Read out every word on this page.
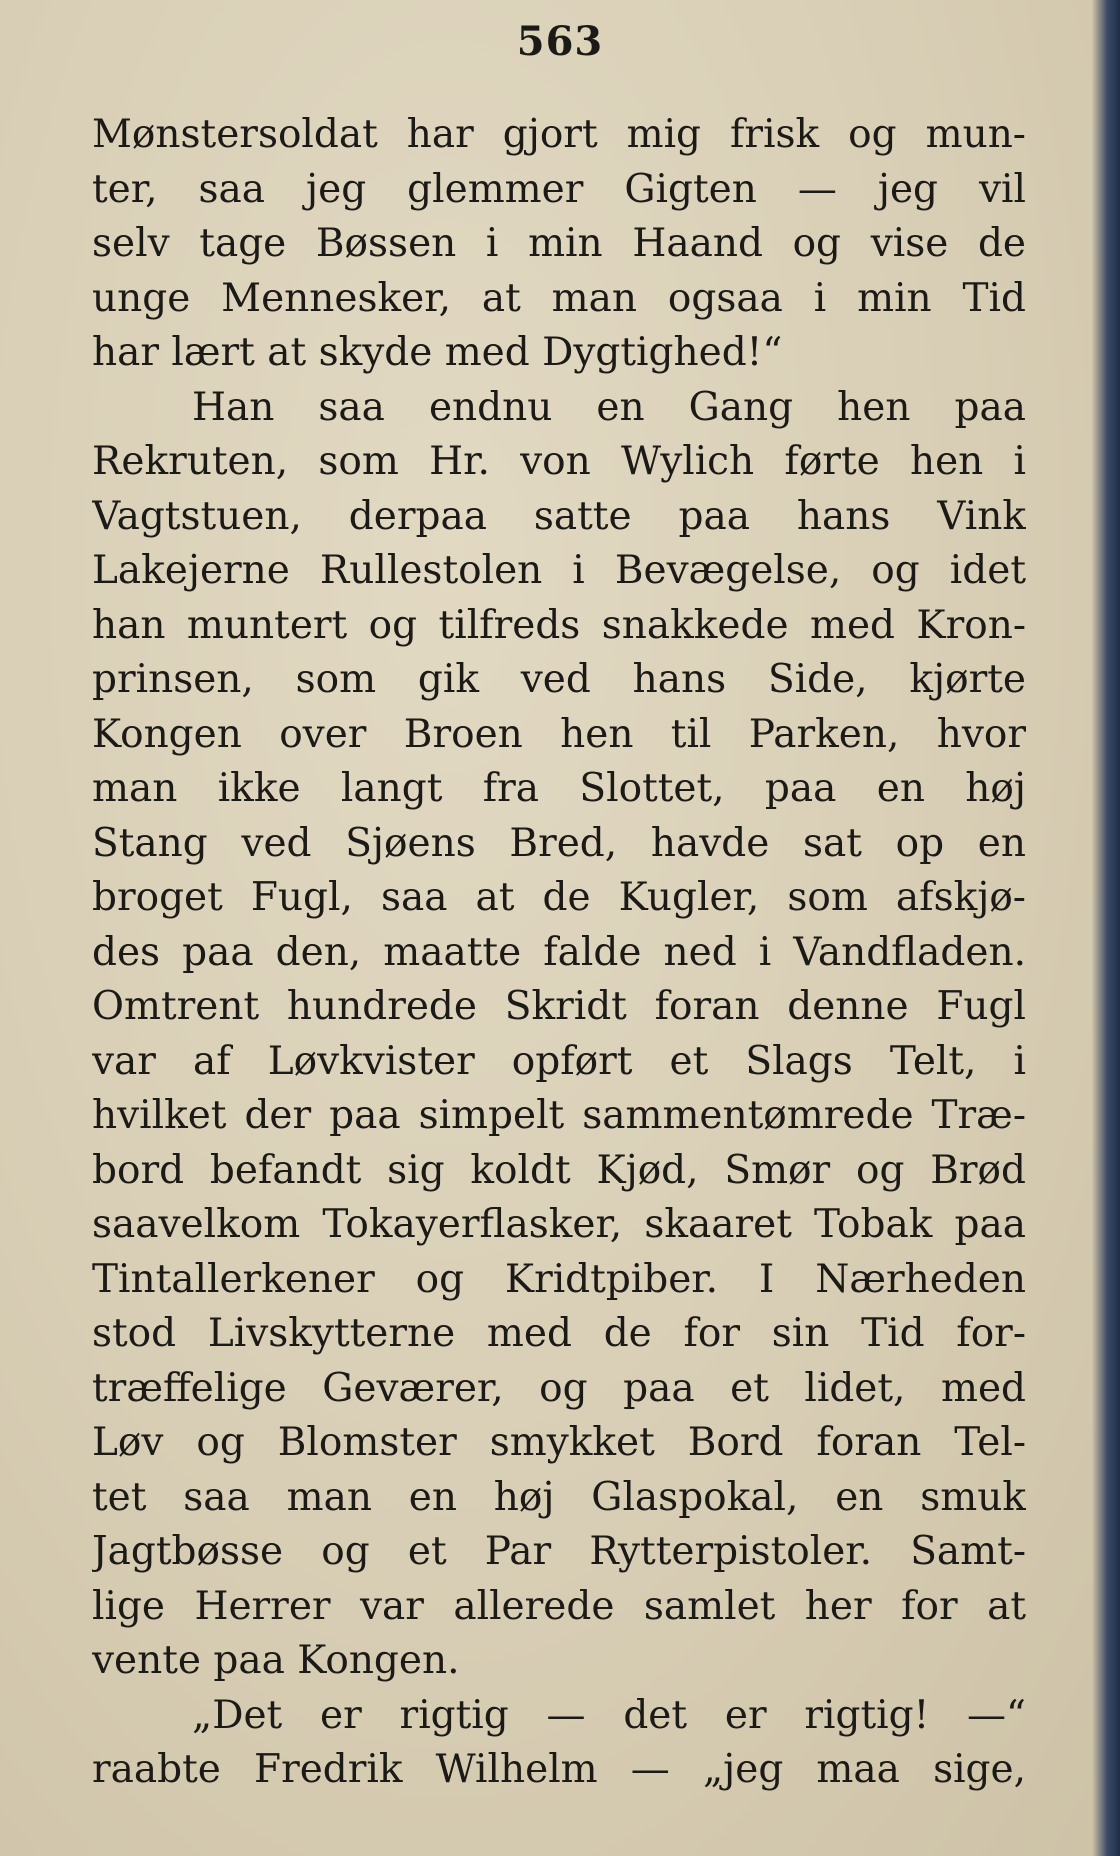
563
Mønstersoldat har gjort mig frisk og mun-
ter, saa jeg glemmer Gigten — jeg vil
selv tage Bøssen i min Haand og vise de
unge Mennesker, at man ogsaa i min Tid
har lært at skyde med Dygtighed!“
Han saa endnu en Gang hen paa
Rekruten, som Hr. von Wylich førte hen i
Vagtstuen, derpaa satte paa hans Vink
Lakejerne Rullestolen i Bevægelse, og idet
han muntert og tilfreds snakkede med Kron-
prinsen, som gik ved hans Side, kjørte
Kongen over Broen hen til Parken, hvor
man ikke langt fra Slottet, paa en høj
Stang ved Sjøens Bred, havde sat op en
broget Fugl, saa at de Kugler, som afskjø-
des paa den, maatte falde ned i Vandfladen.
Omtrent hundrede Skridt foran denne Fugl
var af Løvkvister opført et Slags Telt, i
hvilket der paa simpelt sammentømrede Træ-
bord befandt sig koldt Kjød, Smør og Brød
saavelkom Tokayerflasker, skaaret Tobak paa
Tintallerkener og Kridtpiber. I Nærheden
stod Livskytterne med de for sin Tid for-
træffelige Geværer, og paa et lidet, med
Løv og Blomster smykket Bord foran Tel-
tet saa man en høj Glaspokal, en smuk
Jagtbøsse og et Par Rytterpistoler. Samt-
lige Herrer var allerede samlet her for at
vente paa Kongen.
„Det er rigtig — det er rigtig! —“
raabte Fredrik Wilhelm — „jeg maa sige,
